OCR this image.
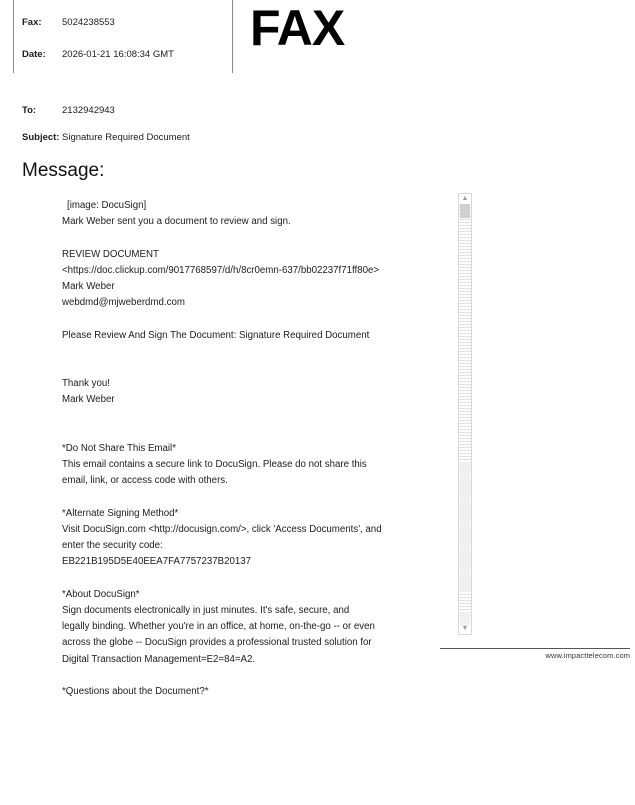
Fax: 5024238553
Date: 2026-01-21 16:08:34 GMT FAX
To:	2132942943
Subject: Signature Required Document
Message:
[image: DocuSign]
Mark Weber sent you a document to review and sign.

REVIEW DOCUMENT
<https://doc.clickup.com/9017768597/d/h/8cr0emn-637/bb02237f71ff80e>
Mark Weber
webdmd@mjweberdmd.com

Please Review And Sign The Document: Signature Required Document

Thank you!
Mark Weber

*Do Not Share This Email*
This email contains a secure link to DocuSign. Please do not share this
email, link, or access code with others.

*Alternate Signing Method*
Visit DocuSign.com <http://docusign.com/>, click 'Access Documents', and
enter the security code:
EB221B195D5E40EEA7FA7757237B20137

*About DocuSign*
Sign documents electronically in just minutes. It's safe, secure, and
legally binding. Whether you're in an office, at home, on-the-go -- or even
across the globe -- DocuSign provides a professional trusted solution for
Digital Transaction Management=E2=84=A2.

*Questions about the Document?*
▲
▼
www.impacttelecom.com
